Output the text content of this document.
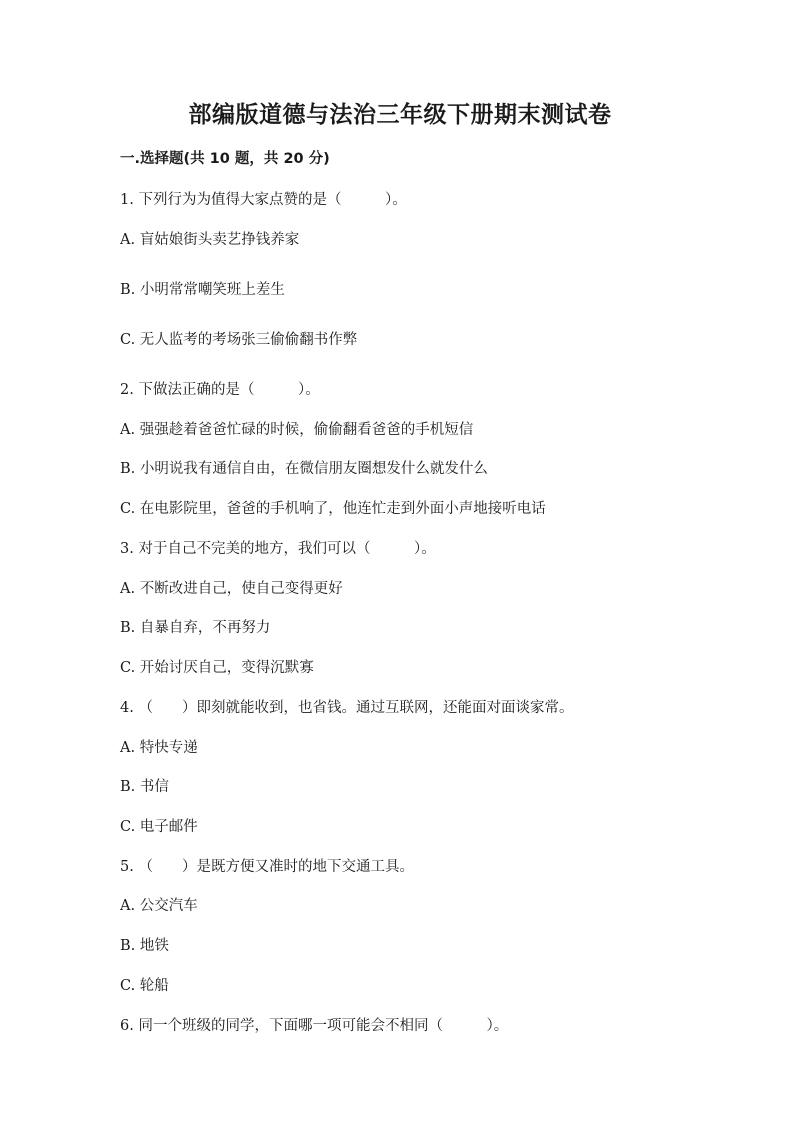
部编版道德与法治三年级下册期末测试卷
一.选择题(共 10 题，共 20 分)
1. 下列行为为值得大家点赞的是（　　　）。
A. 盲姑娘街头卖艺挣钱养家
B. 小明常常嘲笑班上差生
C. 无人监考的考场张三偷偷翻书作弊
2. 下做法正确的是（　　　）。
A. 强强趁着爸爸忙碌的时候，偷偷翻看爸爸的手机短信
B. 小明说我有通信自由，在微信朋友圈想发什么就发什么
C. 在电影院里，爸爸的手机响了，他连忙走到外面小声地接听电话
3. 对于自己不完美的地方，我们可以（　　　）。
A. 不断改进自己，使自己变得更好
B. 自暴自弃，不再努力
C. 开始讨厌自己，变得沉默寡
4. （　　）即刻就能收到，也省钱。通过互联网，还能面对面谈家常。
A. 特快专递
B. 书信
C. 电子邮件
5. （　　）是既方便又准时的地下交通工具。
A. 公交汽车
B. 地铁
C. 轮船
6. 同一个班级的同学，下面哪一项可能会不相同（　　　）。
